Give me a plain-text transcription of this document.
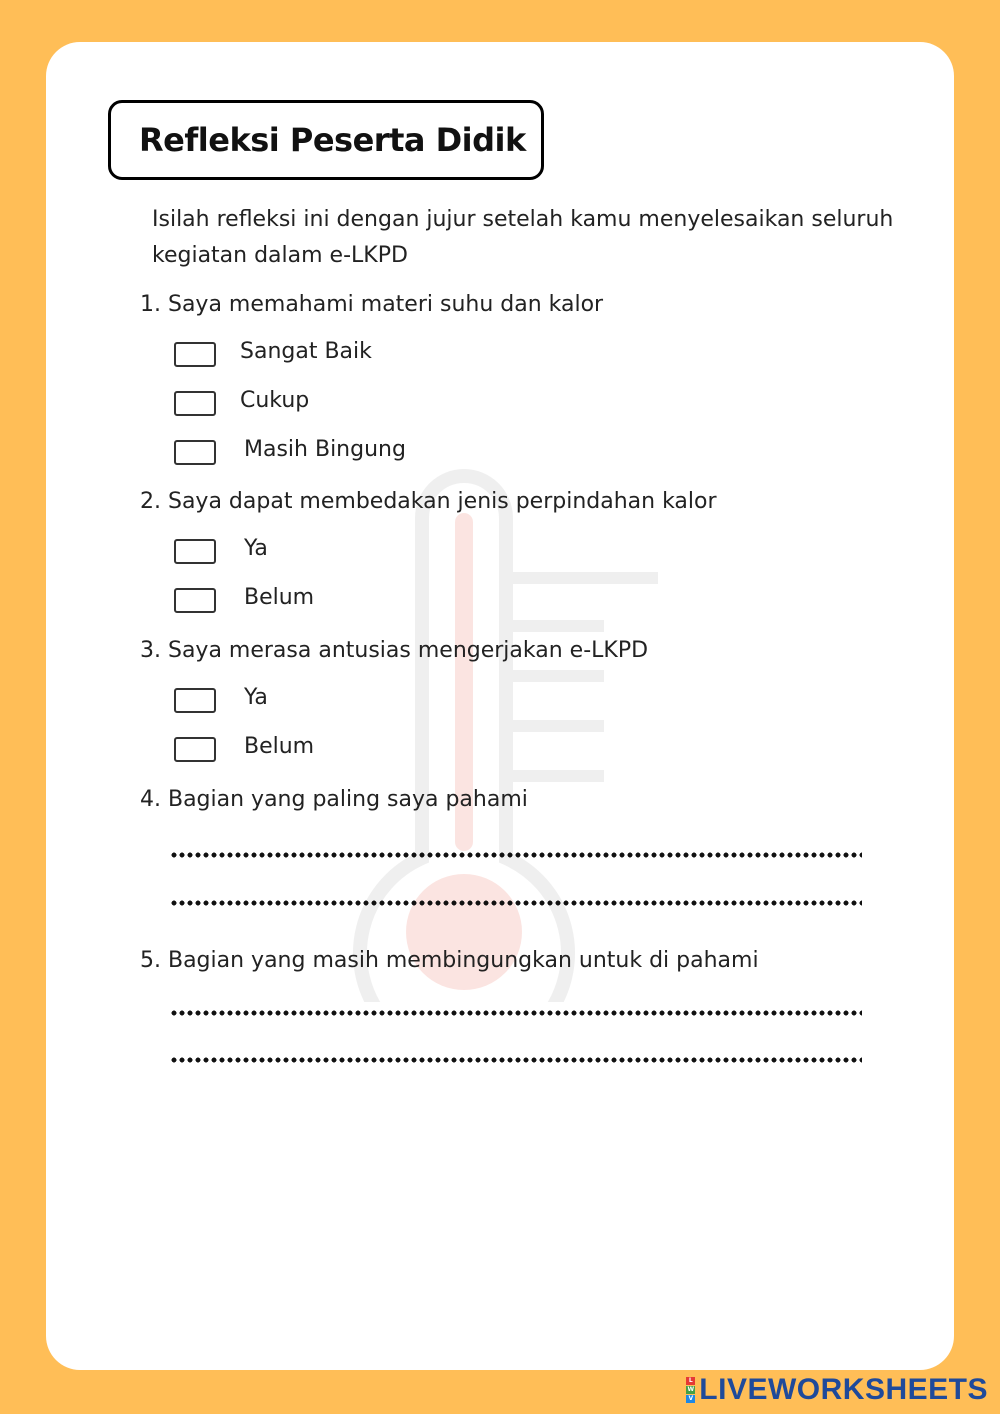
Refleksi Peserta Didik
Isilah refleksi ini dengan jujur setelah kamu menyelesaikan seluruh kegiatan dalam e-LKPD
1. Saya memahami materi suhu dan kalor
Sangat Baik
Cukup
Masih Bingung
2. Saya dapat membedakan jenis perpindahan kalor
Ya
Belum
3. Saya merasa antusias mengerjakan e-LKPD
Ya
Belum
4. Bagian yang paling saya pahami
5. Bagian yang masih membingungkan untuk di pahami
L
W
V LIVEWORKSHEETS
